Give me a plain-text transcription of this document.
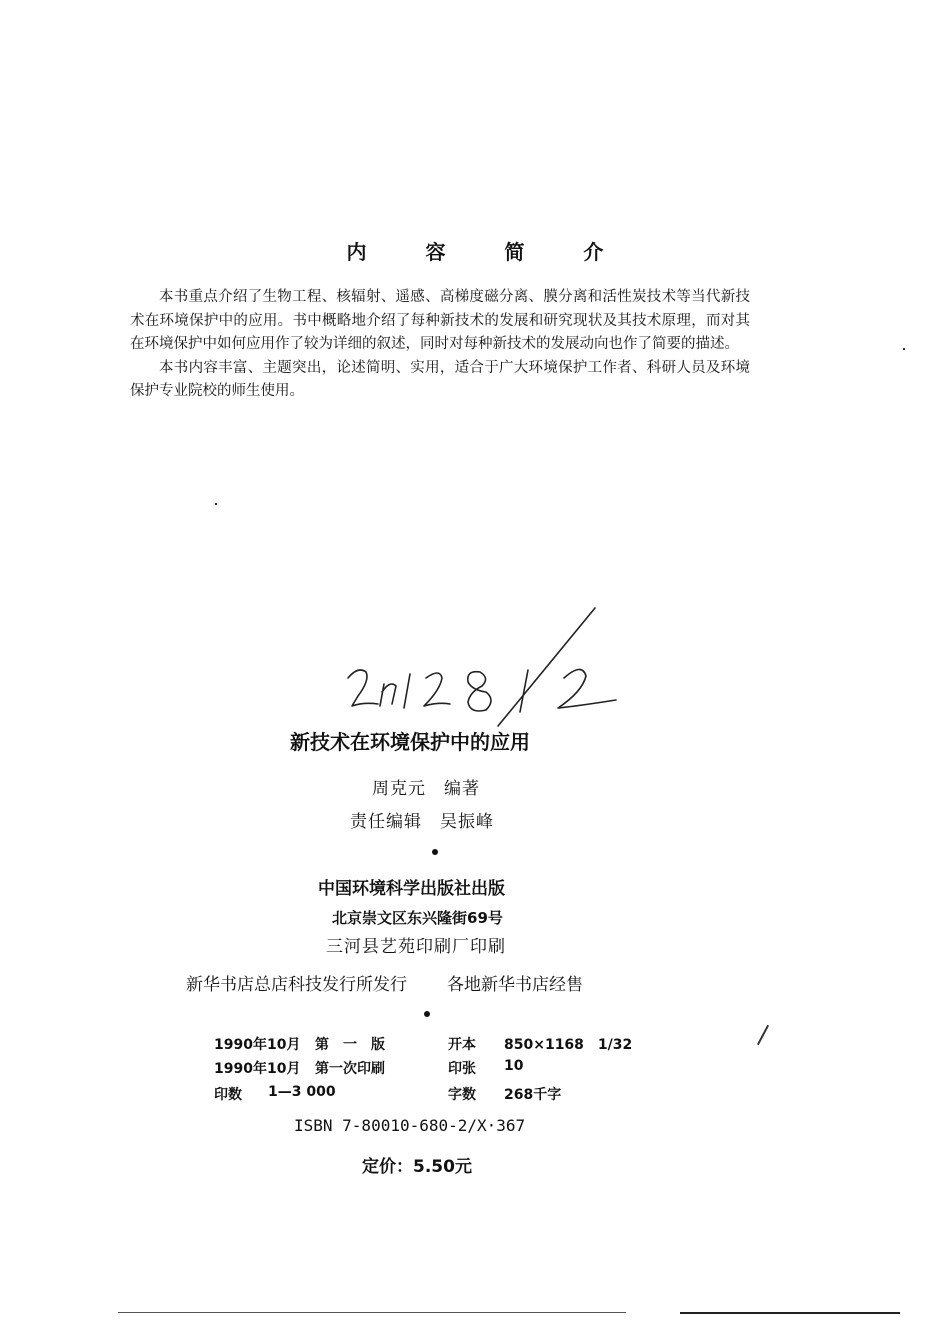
内 容 简 介

本书重点介绍了生物工程、核辐射、遥感、高梯度磁分离、膜分离和活性炭技术等当代新技术在环境保护中的应用。书中概略地介绍了每种新技术的发展和研究现状及其技术原理，而对其在环境保护中如何应用作了较为详细的叙述，同时对每种新技术的发展动向也作了简要的描述。

本书内容丰富、主题突出，论述简明、实用，适合于广大环境保护工作者、科研人员及环境保护专业院校的师生使用。

新技术在环境保护中的应用
周克元　编著
责任编辑　吴振峰
中国环境科学出版社出版
北京崇文区东兴隆街69号
三河县艺苑印刷厂印刷
新华书店总店科技发行所发行 各地新华书店经售
1990年10月 第　一　版	开本 850×1168　1/32
1990年10月 第一次印刷	印张 10
印数 1—3 000	字数 268千字
ISBN 7-80010-680-2/X·367
定价：5.50元
